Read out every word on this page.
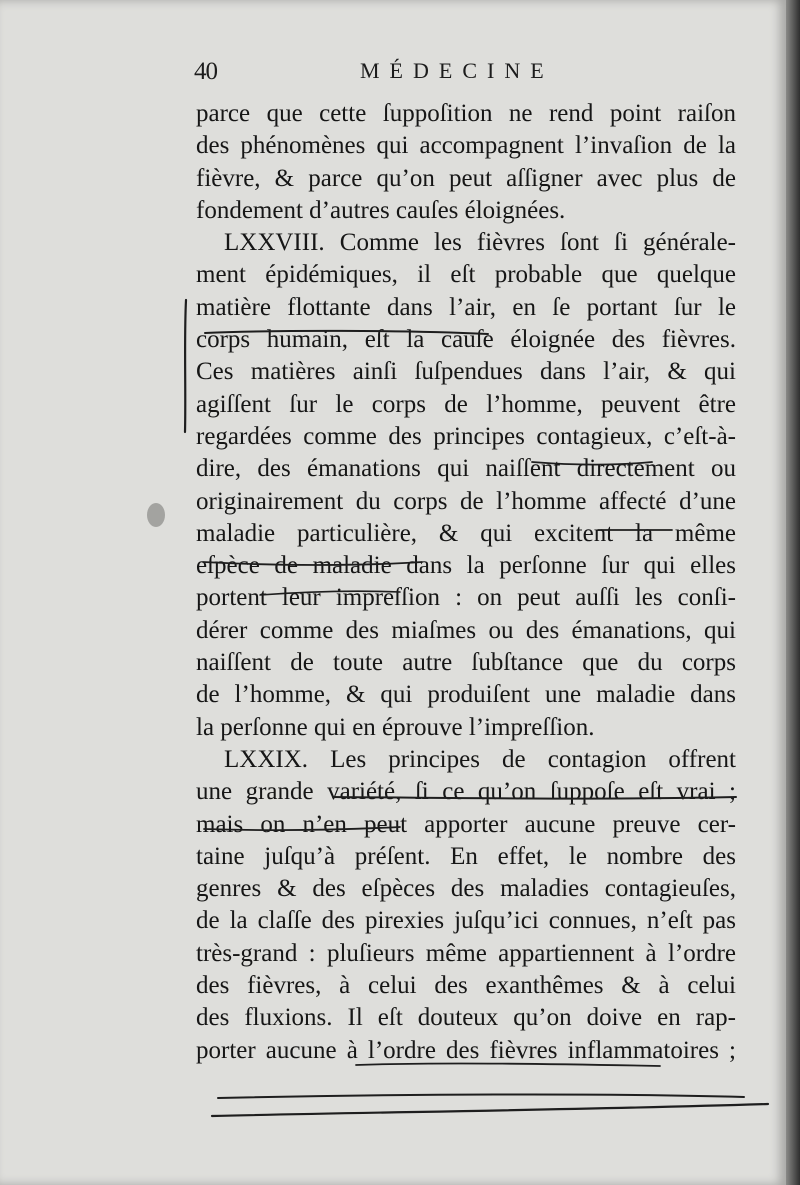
40	MÉDECINE
parce que cette ſuppoſition ne rend point raiſon
des phénomènes qui accompagnent l’invaſion de la
fièvre, & parce qu’on peut aſſigner avec plus de
fondement d’autres cauſes éloignées.
LXXVIII. Comme les fièvres ſont ſi générale-
ment épidémiques, il eſt probable que quelque
matière flottante dans l’air, en ſe portant ſur le
corps humain, eſt la cauſe éloignée des fièvres.
Ces matières ainſi ſuſpendues dans l’air, & qui
agiſſent ſur le corps de l’homme, peuvent être
regardées comme des principes contagieux, c’eſt-à-
dire, des émanations qui naiſſent directement ou
originairement du corps de l’homme affecté d’une
maladie particulière, & qui excitent la même
eſpèce de maladie dans la perſonne ſur qui elles
portent leur impreſſion : on peut auſſi les conſi-
dérer comme des miaſmes ou des émanations, qui
naiſſent de toute autre ſubſtance que du corps
de l’homme, & qui produiſent une maladie dans
la perſonne qui en éprouve l’impreſſion.
LXXIX. Les principes de contagion offrent
une grande variété, ſi ce qu’on ſuppoſe eſt vrai ;
mais on n’en peut apporter aucune preuve cer-
taine juſqu’à préſent. En effet, le nombre des
genres & des eſpèces des maladies contagieuſes,
de la claſſe des pirexies juſqu’ici connues, n’eſt pas
très-grand : pluſieurs même appartiennent à l’ordre
des fièvres, à celui des exanthêmes & à celui
des fluxions. Il eſt douteux qu’on doive en rap-
porter aucune à l’ordre des fièvres inflammatoires ;
